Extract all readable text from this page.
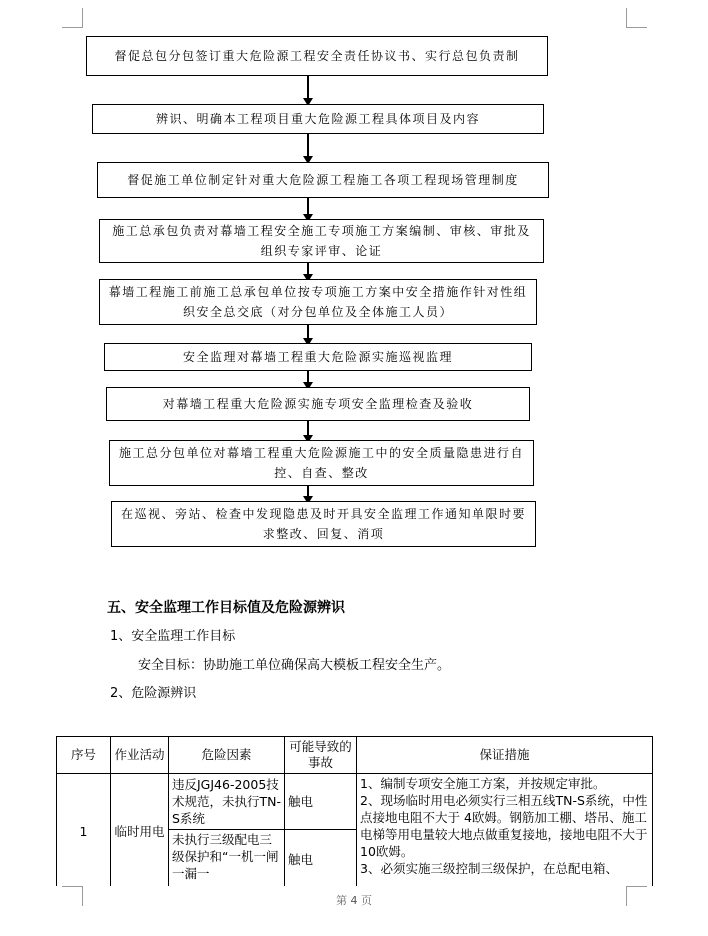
督促总包分包签订重大危险源工程安全责任协议书、实行总包负责制
辨识、明确本工程项目重大危险源工程具体项目及内容
督促施工单位制定针对重大危险源工程施工各项工程现场管理制度
施工总承包负责对幕墙工程安全施工专项施工方案编制、审核、审批及组织专家评审、论证
幕墙工程施工前施工总承包单位按专项施工方案中安全措施作针对性组织安全总交底（对分包单位及全体施工人员）
安全监理对幕墙工程重大危险源实施巡视监理
对幕墙工程重大危险源实施专项安全监理检查及验收
施工总分包单位对幕墙工程重大危险源施工中的安全质量隐患进行自控、自查、整改
在巡视、旁站、检查中发现隐患及时开具安全监理工作通知单限时要求整改、回复、消项
五、安全监理工作目标值及危险源辨识
1、安全监理工作目标
安全目标：协助施工单位确保高大模板工程安全生产。
2、危险源辨识
序号	作业活动	危险因素	可能导致的事故	保证措施
1	临时用电	违反JGJ46-2005技术规范，未执行TN-S系统	触电	1、编制专项安全施工方案，并按规定审批。
2、现场临时用电必须实行三相五线TN-S系统，中性点接地电阻不大于 4欧姆。钢筋加工棚、塔吊、施工电梯等用电量较大地点做重复接地，接地电阻不大于 10欧姆。
3、必须实施三级控制三级保护，在总配电箱、

		未执行三级配电三级保护和“一机一闸一漏一	触电	
第 4 页
